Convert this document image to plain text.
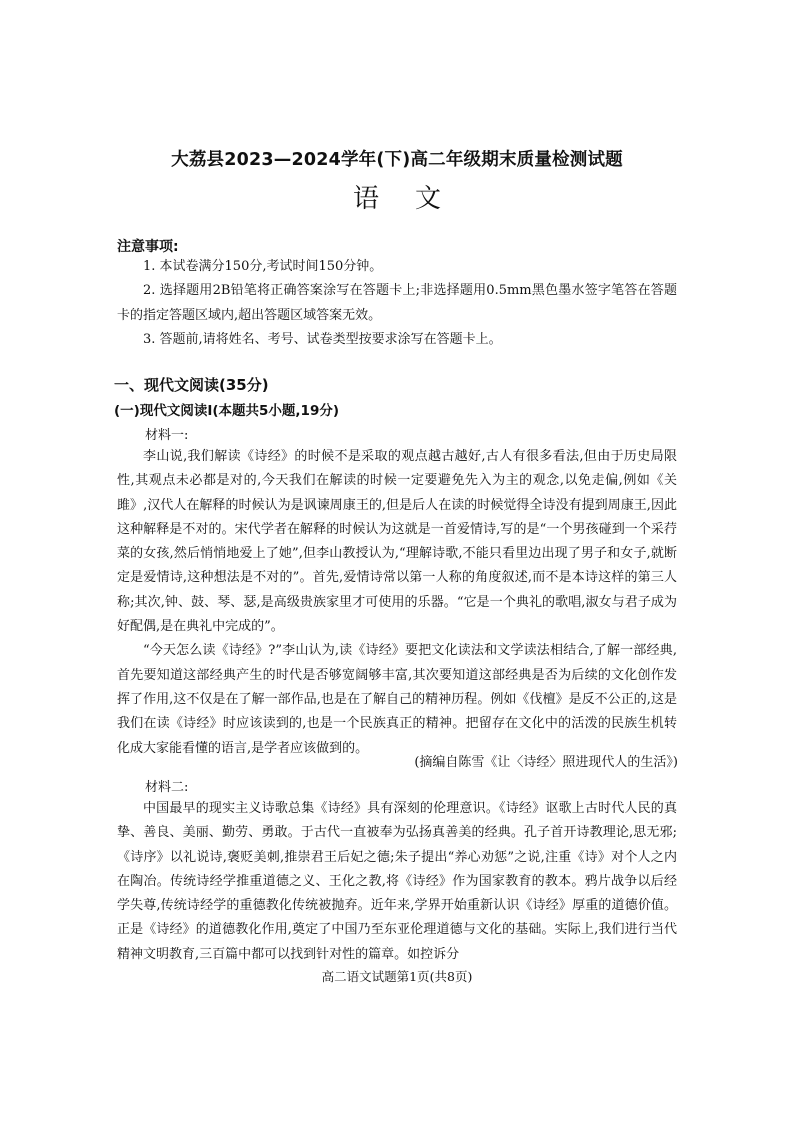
大荔县2023—2024学年(下)高二年级期末质量检测试题
语文
注意事项:

1. 本试卷满分150分,考试时间150分钟。

2. 选择题用2B铅笔将正确答案涂写在答题卡上;非选择题用0.5mm黑色墨水签字笔答在答题卡的指定答题区域内,超出答题区域答案无效。

3. 答题前,请将姓名、考号、试卷类型按要求涂写在答题卡上。

一、现代文阅读(35分)
(一)现代文阅读Ⅰ(本题共5小题,19分)
材料一:

李山说,我们解读《诗经》的时候不是采取的观点越古越好,古人有很多看法,但由于历史局限性,其观点未必都是对的,今天我们在解读的时候一定要避免先入为主的观念,以免走偏,例如《关雎》,汉代人在解释的时候认为是讽谏周康王的,但是后人在读的时候觉得全诗没有提到周康王,因此这种解释是不对的。宋代学者在解释的时候认为这就是一首爱情诗,写的是“一个男孩碰到一个采荇菜的女孩,然后悄悄地爱上了她”,但李山教授认为,“理解诗歌,不能只看里边出现了男子和女子,就断定是爱情诗,这种想法是不对的”。首先,爱情诗常以第一人称的角度叙述,而不是本诗这样的第三人称;其次,钟、鼓、琴、瑟,是高级贵族家里才可使用的乐器。“它是一个典礼的歌唱,淑女与君子成为好配偶,是在典礼中完成的”。

“今天怎么读《诗经》?”李山认为,读《诗经》要把文化读法和文学读法相结合,了解一部经典,首先要知道这部经典产生的时代是否够宽阔够丰富,其次要知道这部经典是否为后续的文化创作发挥了作用,这不仅是在了解一部作品,也是在了解自己的精神历程。例如《伐檀》是反不公正的,这是我们在读《诗经》时应该读到的,也是一个民族真正的精神。把留存在文化中的活泼的民族生机转化成大家能看懂的语言,是学者应该做到的。

(摘编自陈雪《让〈诗经〉照进现代人的生活》)
材料二:

中国最早的现实主义诗歌总集《诗经》具有深刻的伦理意识。《诗经》讴歌上古时代人民的真挚、善良、美丽、勤劳、勇敢。于古代一直被奉为弘扬真善美的经典。孔子首开诗教理论,思无邪;《诗序》以礼说诗,褒贬美刺,推崇君王后妃之德;朱子提出“养心劝惩”之说,注重《诗》对个人之内在陶冶。传统诗经学推重道德之义、王化之教,将《诗经》作为国家教育的教本。鸦片战争以后经学失尊,传统诗经学的重德教化传统被抛弃。近年来,学界开始重新认识《诗经》厚重的道德价值。正是《诗经》的道德教化作用,奠定了中国乃至东亚伦理道德与文化的基础。实际上,我们进行当代精神文明教育,三百篇中都可以找到针对性的篇章。如控诉分

高二语文试题第1页(共8页)
